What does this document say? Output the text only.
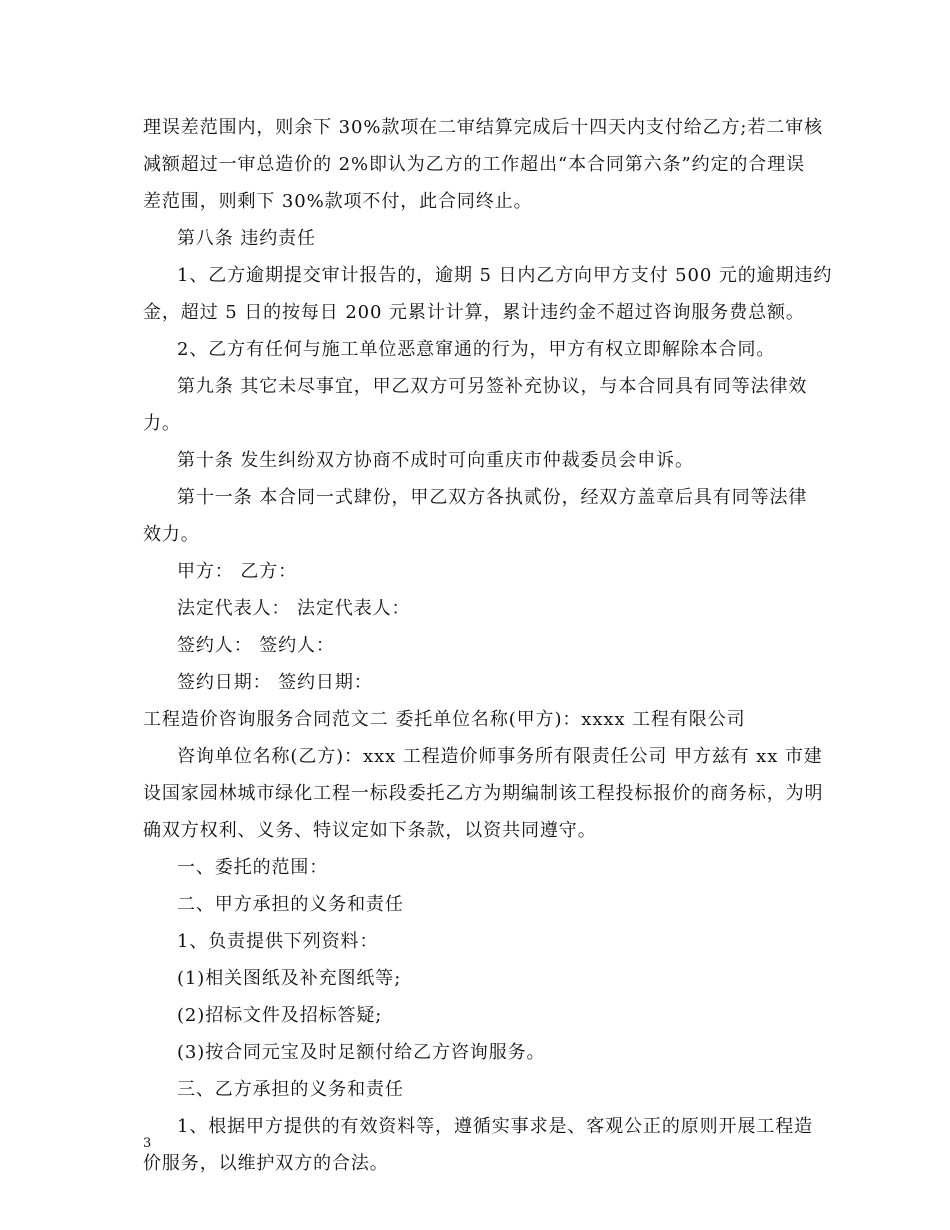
理误差范围内，则余下 30%款项在二审结算完成后十四天内支付给乙方;若二审核
减额超过一审总造价的 2%即认为乙方的工作超出“本合同第六条”约定的合理误
差范围，则剩下 30%款项不付，此合同终止。
第八条 违约责任
1、乙方逾期提交审计报告的，逾期 5 日内乙方向甲方支付 500 元的逾期违约
金，超过 5 日的按每日 200 元累计计算，累计违约金不超过咨询服务费总额。
2、乙方有任何与施工单位恶意窜通的行为，甲方有权立即解除本合同。
第九条 其它未尽事宜，甲乙双方可另签补充协议，与本合同具有同等法律效
力。
第十条 发生纠纷双方协商不成时可向重庆市仲裁委员会申诉。
第十一条 本合同一式肆份，甲乙双方各执贰份，经双方盖章后具有同等法律
效力。
甲方： 乙方：
法定代表人： 法定代表人：
签约人： 签约人：
签约日期： 签约日期：
工程造价咨询服务合同范文二 委托单位名称(甲方)：xxxx 工程有限公司
咨询单位名称(乙方)：xxx 工程造价师事务所有限责任公司 甲方兹有 xx 市建
设国家园林城市绿化工程一标段委托乙方为期编制该工程投标报价的商务标，为明
确双方权利、义务、特议定如下条款，以资共同遵守。
一、委托的范围：
二、甲方承担的义务和责任
1、负责提供下列资料：
(1)相关图纸及补充图纸等;
(2)招标文件及招标答疑;
(3)按合同元宝及时足额付给乙方咨询服务。
三、乙方承担的义务和责任
1、根据甲方提供的有效资料等，遵循实事求是、客观公正的原则开展工程造
价服务，以维护双方的合法。
3
